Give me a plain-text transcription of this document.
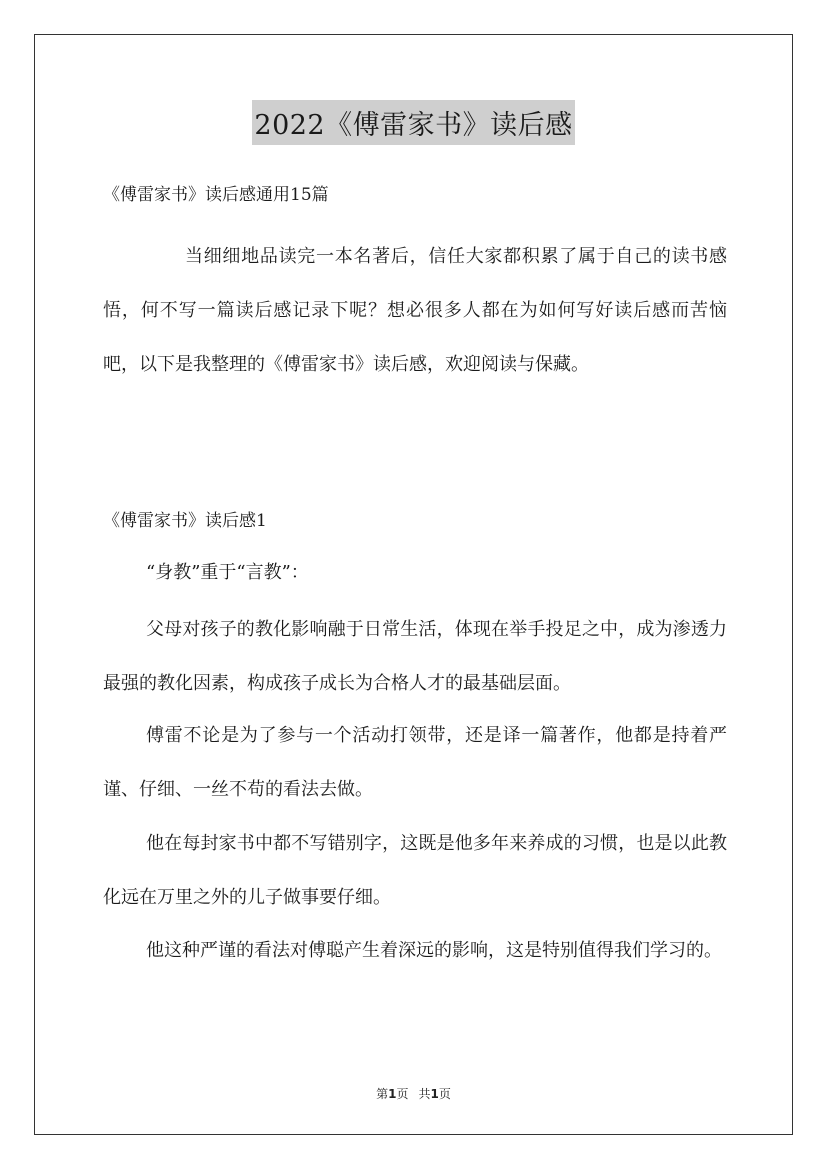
2022《傅雷家书》读后感
《傅雷家书》读后感通用15篇
当细细地品读完一本名著后，信任大家都积累了属于自己的读书感悟，何不写一篇读后感记录下呢？想必很多人都在为如何写好读后感而苦恼吧，以下是我整理的《傅雷家书》读后感，欢迎阅读与保藏。
《傅雷家书》读后感1
“身教”重于“言教”：
父母对孩子的教化影响融于日常生活，体现在举手投足之中，成为渗透力最强的教化因素，构成孩子成长为合格人才的最基础层面。
傅雷不论是为了参与一个活动打领带，还是译一篇著作，他都是持着严谨、仔细、一丝不苟的看法去做。
他在每封家书中都不写错别字，这既是他多年来养成的习惯，也是以此教化远在万里之外的儿子做事要仔细。
他这种严谨的看法对傅聪产生着深远的影响，这是特别值得我们学习的。
第1页 共1页
